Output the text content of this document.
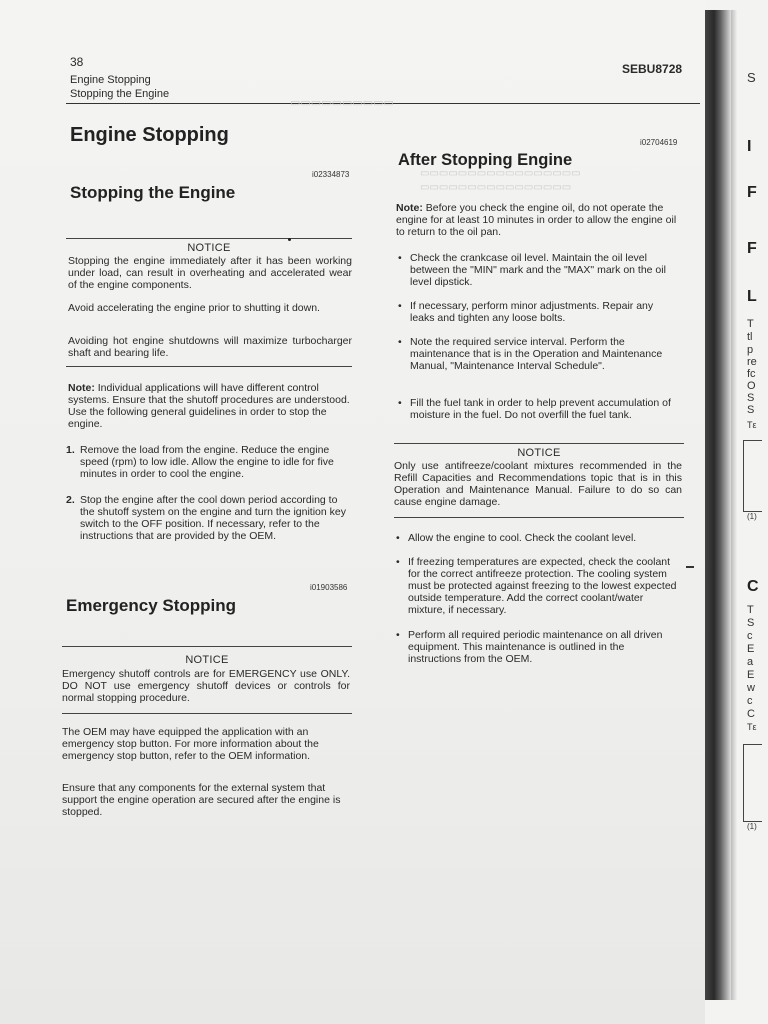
38	SEBU8728
Engine Stopping
Stopping the Engine
▭▭▭▭▭▭▭▭▭▭
▭▭▭▭▭▭▭▭▭▭▭▭▭▭▭▭▭
▭▭▭▭▭▭▭▭▭▭▭▭▭▭▭▭
Engine Stopping
i02334873
Stopping the Engine
NOTICE

Stopping the engine immediately after it has been working under load, can result in overheating and accelerated wear of the engine components.

Avoid accelerating the engine prior to shutting it down.

Avoiding hot engine shutdowns will maximize turbocharger shaft and bearing life.

Note: Individual applications will have different control systems. Ensure that the shutoff procedures are understood. Use the following general guidelines in order to stop the engine.

1. Remove the load from the engine. Reduce the engine speed (rpm) to low idle. Allow the engine to idle for five minutes in order to cool the engine.
2. Stop the engine after the cool down period according to the shutoff system on the engine and turn the ignition key switch to the OFF position. If necessary, refer to the instructions that are provided by the OEM.
i01903586
Emergency Stopping
NOTICE

Emergency shutoff controls are for EMERGENCY use ONLY. DO NOT use emergency shutoff devices or controls for normal stopping procedure.

The OEM may have equipped the application with an emergency stop button. For more information about the emergency stop button, refer to the OEM information.

Ensure that any components for the external system that support the engine operation are secured after the engine is stopped.

After Stopping Engine
i02704619

Note: Before you check the engine oil, do not operate the engine for at least 10 minutes in order to allow the engine oil to return to the oil pan.

• Check the crankcase oil level. Maintain the oil level between the "MIN" mark and the "MAX" mark on the oil level dipstick.
• If necessary, perform minor adjustments. Repair any leaks and tighten any loose bolts.
• Note the required service interval. Perform the maintenance that is in the Operation and Maintenance Manual, "Maintenance Interval Schedule".
• Fill the fuel tank in order to help prevent accumulation of moisture in the fuel. Do not overfill the fuel tank.
NOTICE

Only use antifreeze/coolant mixtures recommended in the Refill Capacities and Recommendations topic that is in this Operation and Maintenance Manual. Failure to do so can cause engine damage.

• Allow the engine to cool. Check the coolant level.
• If freezing temperatures are expected, check the coolant for the correct antifreeze protection. The cooling system must be protected against freezing to the lowest expected outside temperature. Add the correct coolant/water mixture, if necessary.
• Perform all required periodic maintenance on all driven equipment. This maintenance is outlined in the instructions from the OEM.
S
I
F
F
L
T
tl
p
re
fc
O
S
S
Tε
(1)
C
T
S
c
E
a
E
w
c
C
Tε
(1)
